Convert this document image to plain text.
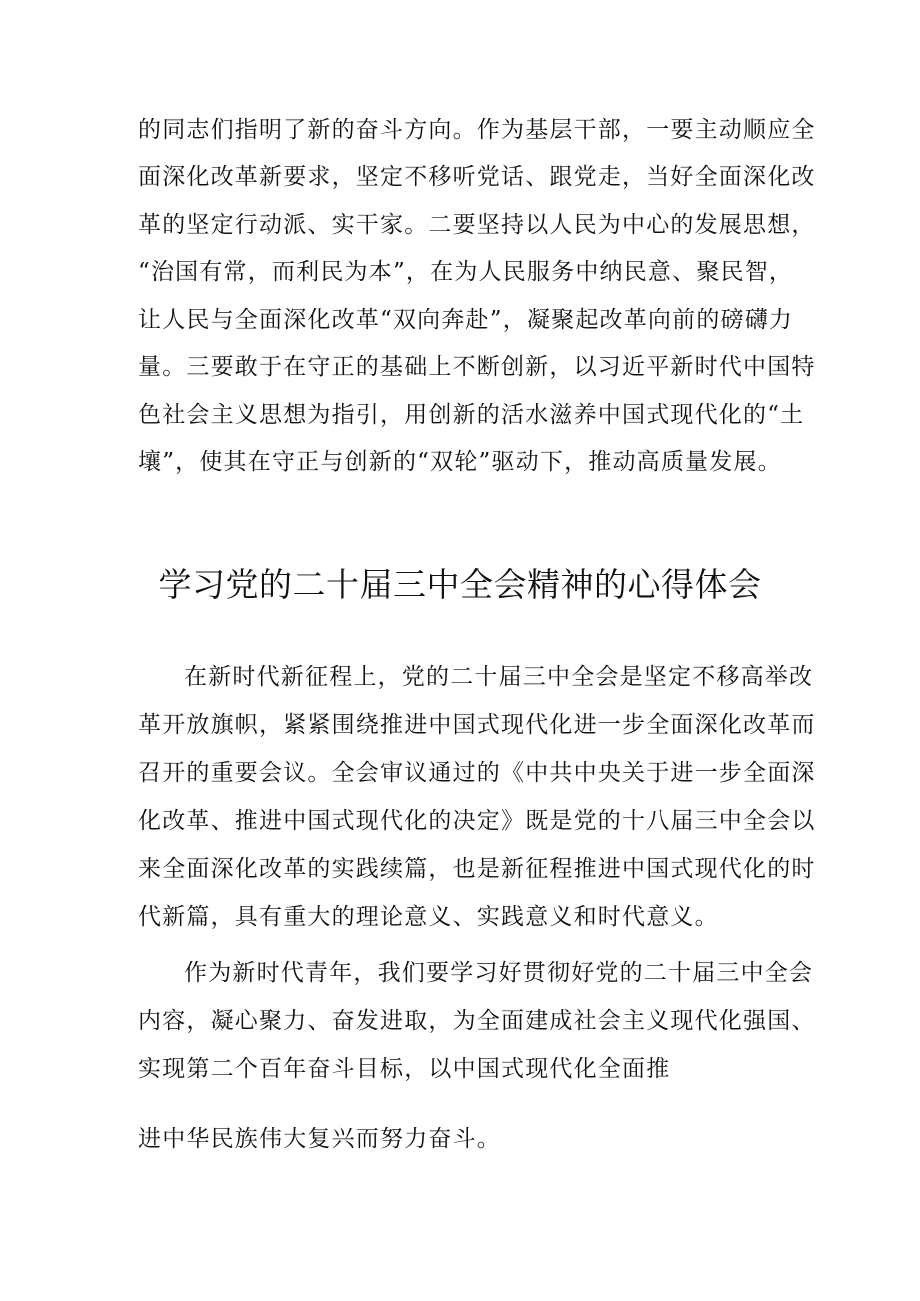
的同志们指明了新的奋斗方向。作为基层干部，一要主动顺应全
面深化改革新要求，坚定不移听党话、跟党走，当好全面深化改
革的坚定行动派、实干家。二要坚持以人民为中心的发展思想，
“治国有常，而利民为本”，在为人民服务中纳民意、聚民智，
让人民与全面深化改革“双向奔赴”，凝聚起改革向前的磅礴力
量。三要敢于在守正的基础上不断创新，以习近平新时代中国特
色社会主义思想为指引，用创新的活水滋养中国式现代化的“土
壤”，使其在守正与创新的“双轮”驱动下，推动高质量发展。
学习党的二十届三中全会精神的心得体会
在新时代新征程上，党的二十届三中全会是坚定不移高举改
革开放旗帜，紧紧围绕推进中国式现代化进一步全面深化改革而
召开的重要会议。全会审议通过的《中共中央关于进一步全面深
化改革、推进中国式现代化的决定》既是党的十八届三中全会以
来全面深化改革的实践续篇，也是新征程推进中国式现代化的时
代新篇，具有重大的理论意义、实践意义和时代意义。
作为新时代青年，我们要学习好贯彻好党的二十届三中全会
内容，凝心聚力、奋发进取，为全面建成社会主义现代化强国、
实现第二个百年奋斗目标，以中国式现代化全面推
进中华民族伟大复兴而努力奋斗。
